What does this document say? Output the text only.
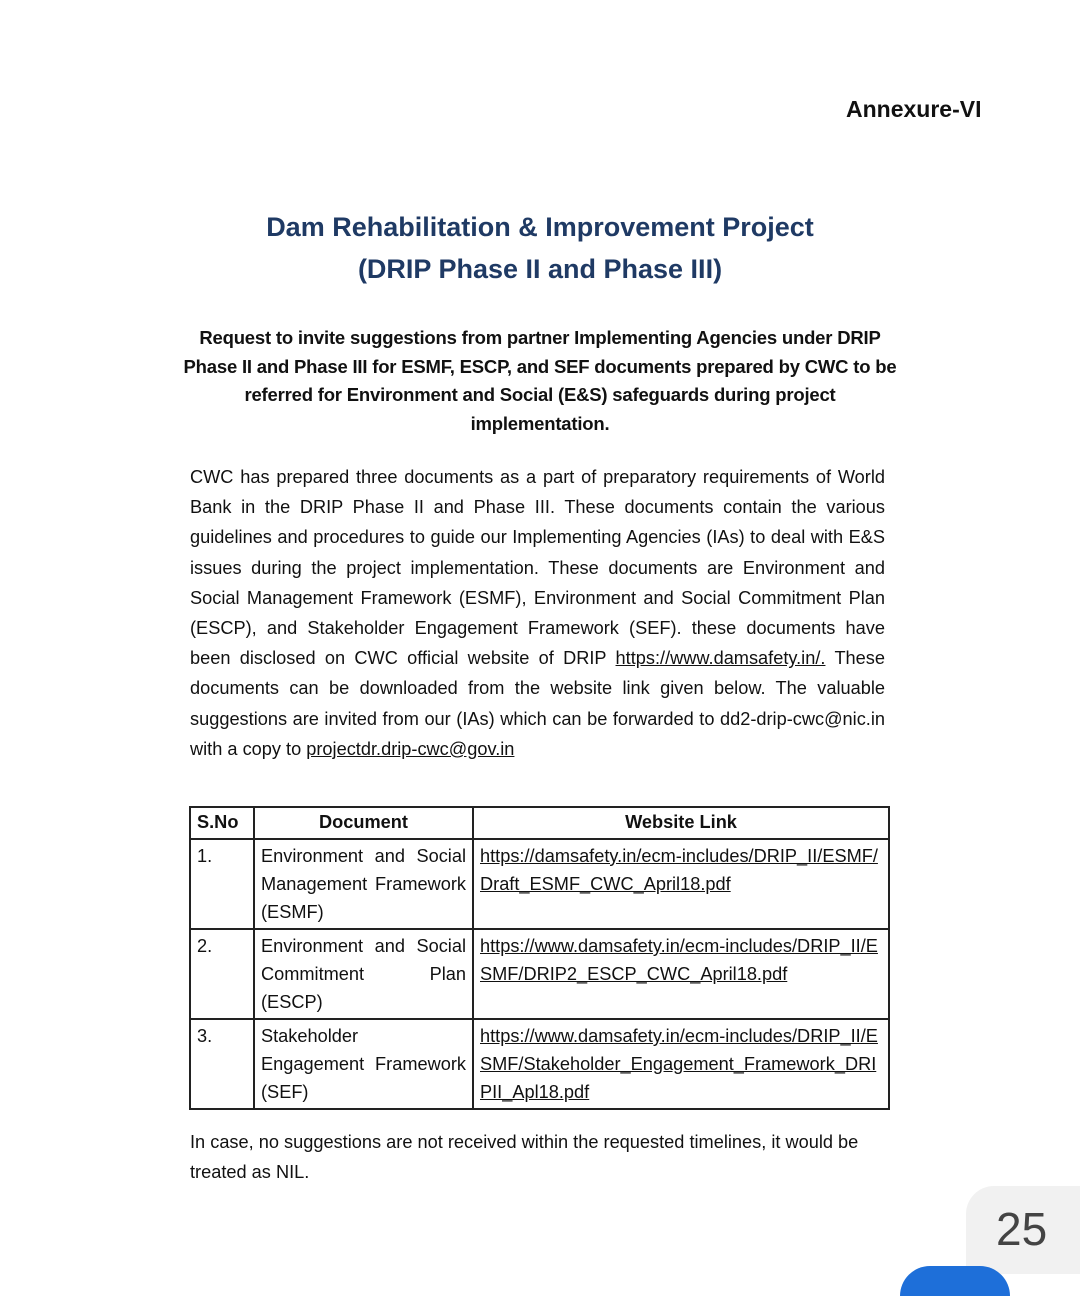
Annexure-VI
Dam Rehabilitation & Improvement Project
(DRIP Phase II and Phase III)
Request to invite suggestions from partner Implementing Agencies under DRIP Phase II and Phase III for ESMF, ESCP, and SEF documents prepared by CWC to be referred for Environment and Social (E&S) safeguards during project implementation.
CWC has prepared three documents as a part of preparatory requirements of World Bank in the DRIP Phase II and Phase III. These documents contain the various guidelines and procedures to guide our Implementing Agencies (IAs) to deal with E&S issues during the project implementation. These documents are Environment and Social Management Framework (ESMF), Environment and Social Commitment Plan (ESCP), and Stakeholder Engagement Framework (SEF). these documents have been disclosed on CWC official website of DRIP https://www.damsafety.in/. These documents can be downloaded from the website link given below. The valuable suggestions are invited from our (IAs) which can be forwarded to dd2-drip-cwc@nic.in with a copy to projectdr.drip-cwc@gov.in
S.No	Document	Website Link
1.	Environment and Social Management Framework (ESMF)	https://damsafety.in/ecm-includes/DRIP_II/ESMF/Draft_ESMF_CWC_April18.pdf
2.	Environment and Social Commitment Plan (ESCP)	https://www.damsafety.in/ecm-includes/DRIP_II/ESMF/DRIP2_ESCP_CWC_April18.pdf
3.	Stakeholder Engagement Framework (SEF)	https://www.damsafety.in/ecm-includes/DRIP_II/ESMF/Stakeholder_Engagement_Framework_DRIPII_Apl18.pdf
In case, no suggestions are not received within the requested timelines, it would be treated as NIL.
25
